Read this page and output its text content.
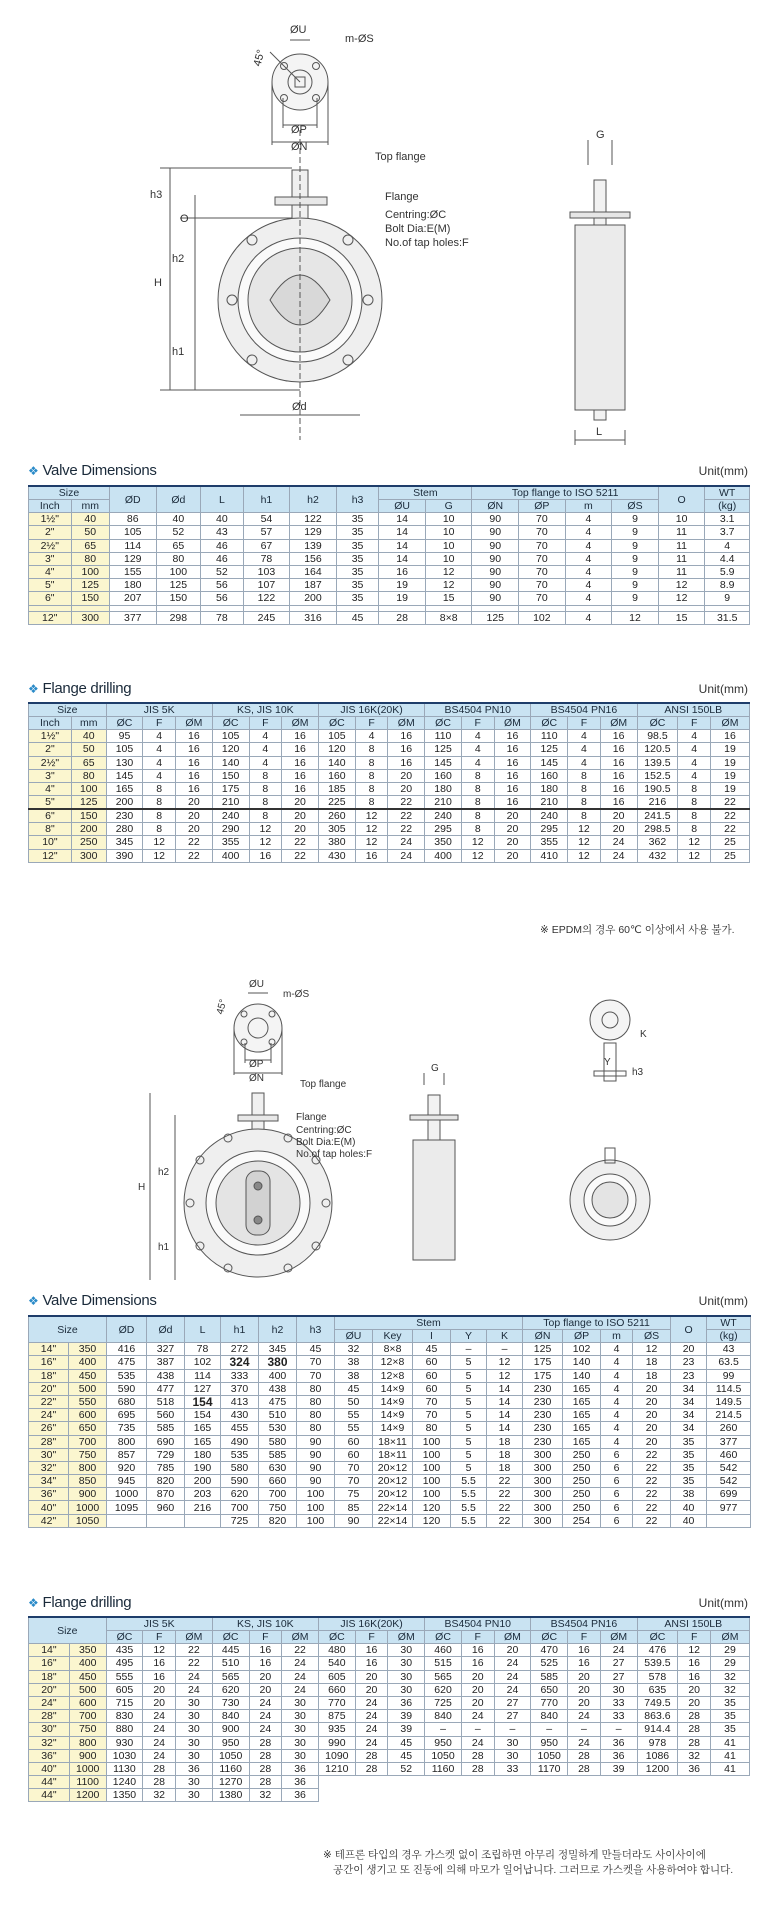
ØU
m-ØS
45°
ØP
ØN
Top flange
Flange
Centring:ØC
Bolt Dia:E(M)
No.of tap holes:F
h3
O
H
h2
h1
Ød
G
L
❖ Valve Dimensions	Unit(mm)
Size		ØD	Ød	L	h1	h2	h3	Stem		Top flange to ISO 5211				O	WT
Inch	mm							ØU	G	ØN	ØP	m	ØS		(kg)
1½"	40	86	40	40	54	122	35	14	10	90	70	4	9	10	3.1
2"	50	105	52	43	57	129	35	14	10	90	70	4	9	11	3.7
2½"	65	114	65	46	67	139	35	14	10	90	70	4	9	11	4
3"	80	129	80	46	78	156	35	14	10	90	70	4	9	11	4.4
4"	100	155	100	52	103	164	35	16	12	90	70	4	9	11	5.9
5"	125	180	125	56	107	187	35	19	12	90	70	4	9	12	8.9
6"	150	207	150	56	122	200	35	19	15	90	70	4	9	12	9

12"	300	377	298	78	245	316	45	28	8×8	125	102	4	12	15	31.5
❖ Flange drilling	Unit(mm)
Size		JIS 5K			KS, JIS 10K			JIS 16K(20K)			BS4504 PN10			BS4504 PN16			ANSI 150LB		
Inch	mm	ØC	F	ØM	ØC	F	ØM	ØC	F	ØM	ØC	F	ØM	ØC	F	ØM	ØC	F	ØM
1½"	40	95	4	16	105	4	16	105	4	16	110	4	16	110	4	16	98.5	4	16
2"	50	105	4	16	120	4	16	120	8	16	125	4	16	125	4	16	120.5	4	19
2½"	65	130	4	16	140	4	16	140	8	16	145	4	16	145	4	16	139.5	4	19
3"	80	145	4	16	150	8	16	160	8	20	160	8	16	160	8	16	152.5	4	19
4"	100	165	8	16	175	8	16	185	8	20	180	8	16	180	8	16	190.5	8	19
5"	125	200	8	20	210	8	20	225	8	22	210	8	16	210	8	16	216	8	22
6"	150	230	8	20	240	8	20	260	12	22	240	8	20	240	8	20	241.5	8	22
8"	200	280	8	20	290	12	20	305	12	22	295	8	20	295	12	20	298.5	8	22
10"	250	345	12	22	355	12	22	380	12	24	350	12	20	355	12	24	362	12	25
12"	300	390	12	22	400	16	22	430	16	24	400	12	20	410	12	24	432	12	25
※ EPDM의 경우 60℃ 이상에서 사용 불가.
ØU
m-ØS
45°
ØP
ØN
Top flange
Flange
Centring:ØC
Bolt Dia:E(M)
No.of tap holes:F
H
h2
h1
G
Y
K
h3
❖ Valve Dimensions	Unit(mm)
Size		ØD	Ød	L	h1	h2	h3	Stem					Top flange to ISO 5211				O	WT
								ØU	Key	I	Y	K	ØN	ØP	m	ØS		(kg)
14"	350	416	327	78	272	345	45	32	8×8	45	–	–	125	102	4	12	20	43
16"	400	475	387	102	324	380	70	38	12×8	60	5	12	175	140	4	18	23	63.5
18"	450	535	438	114	333	400	70	38	12×8	60	5	12	175	140	4	18	23	99
20"	500	590	477	127	370	438	80	45	14×9	60	5	14	230	165	4	20	34	114.5
22"	550	680	518	154	413	475	80	50	14×9	70	5	14	230	165	4	20	34	149.5
24"	600	695	560	154	430	510	80	55	14×9	70	5	14	230	165	4	20	34	214.5
26"	650	735	585	165	455	530	80	55	14×9	80	5	14	230	165	4	20	34	260
28"	700	800	690	165	490	580	90	60	18×11	100	5	18	230	165	4	20	35	377
30"	750	857	729	180	535	585	90	60	18×11	100	5	18	300	250	6	22	35	460
32"	800	920	785	190	580	630	90	70	20×12	100	5	18	300	250	6	22	35	542
34"	850	945	820	200	590	660	90	70	20×12	100	5.5	22	300	250	6	22	35	542
36"	900	1000	870	203	620	700	100	75	20×12	100	5.5	22	300	250	6	22	38	699
40"	1000	1095	960	216	700	750	100	85	22×14	120	5.5	22	300	250	6	22	40	977
42"	1050				725	820	100	90	22×14	120	5.5	22	300	254	6	22	40	
❖ Flange drilling	Unit(mm)
Size		JIS 5K			KS, JIS 10K			JIS 16K(20K)			BS4504 PN10			BS4504 PN16			ANSI 150LB		
		ØC	F	ØM	ØC	F	ØM	ØC	F	ØM	ØC	F	ØM	ØC	F	ØM	ØC	F	ØM
14"	350	435	12	22	445	16	22	480	16	30	460	16	20	470	16	24	476	12	29
16"	400	495	16	22	510	16	24	540	16	30	515	16	24	525	16	27	539.5	16	29
18"	450	555	16	24	565	20	24	605	20	30	565	20	24	585	20	27	578	16	32
20"	500	605	20	24	620	20	24	660	20	30	620	20	24	650	20	30	635	20	32
24"	600	715	20	30	730	24	30	770	24	36	725	20	27	770	20	33	749.5	20	35
28"	700	830	24	30	840	24	30	875	24	39	840	24	27	840	24	33	863.6	28	35
30"	750	880	24	30	900	24	30	935	24	39	–	–	–	–	–	–	914.4	28	35
32"	800	930	24	30	950	28	30	990	24	45	950	24	30	950	24	36	978	28	41
36"	900	1030	24	30	1050	28	30	1090	28	45	1050	28	30	1050	28	36	1086	32	41
40"	1000	1130	28	36	1160	28	36	1210	28	52	1160	28	33	1170	28	39	1200	36	41
44"	1100	1240	28	30	1270	28	36												
44"	1200	1350	32	30	1380	32	36												
※ 테프론 타입의 경우 가스켓 없이 조립하면 아무리 정밀하게 만들더라도 사이사이에
공간이 생기고 또 진동에 의해 마모가 일어납니다. 그러므로 가스켓을 사용하여야 합니다.
